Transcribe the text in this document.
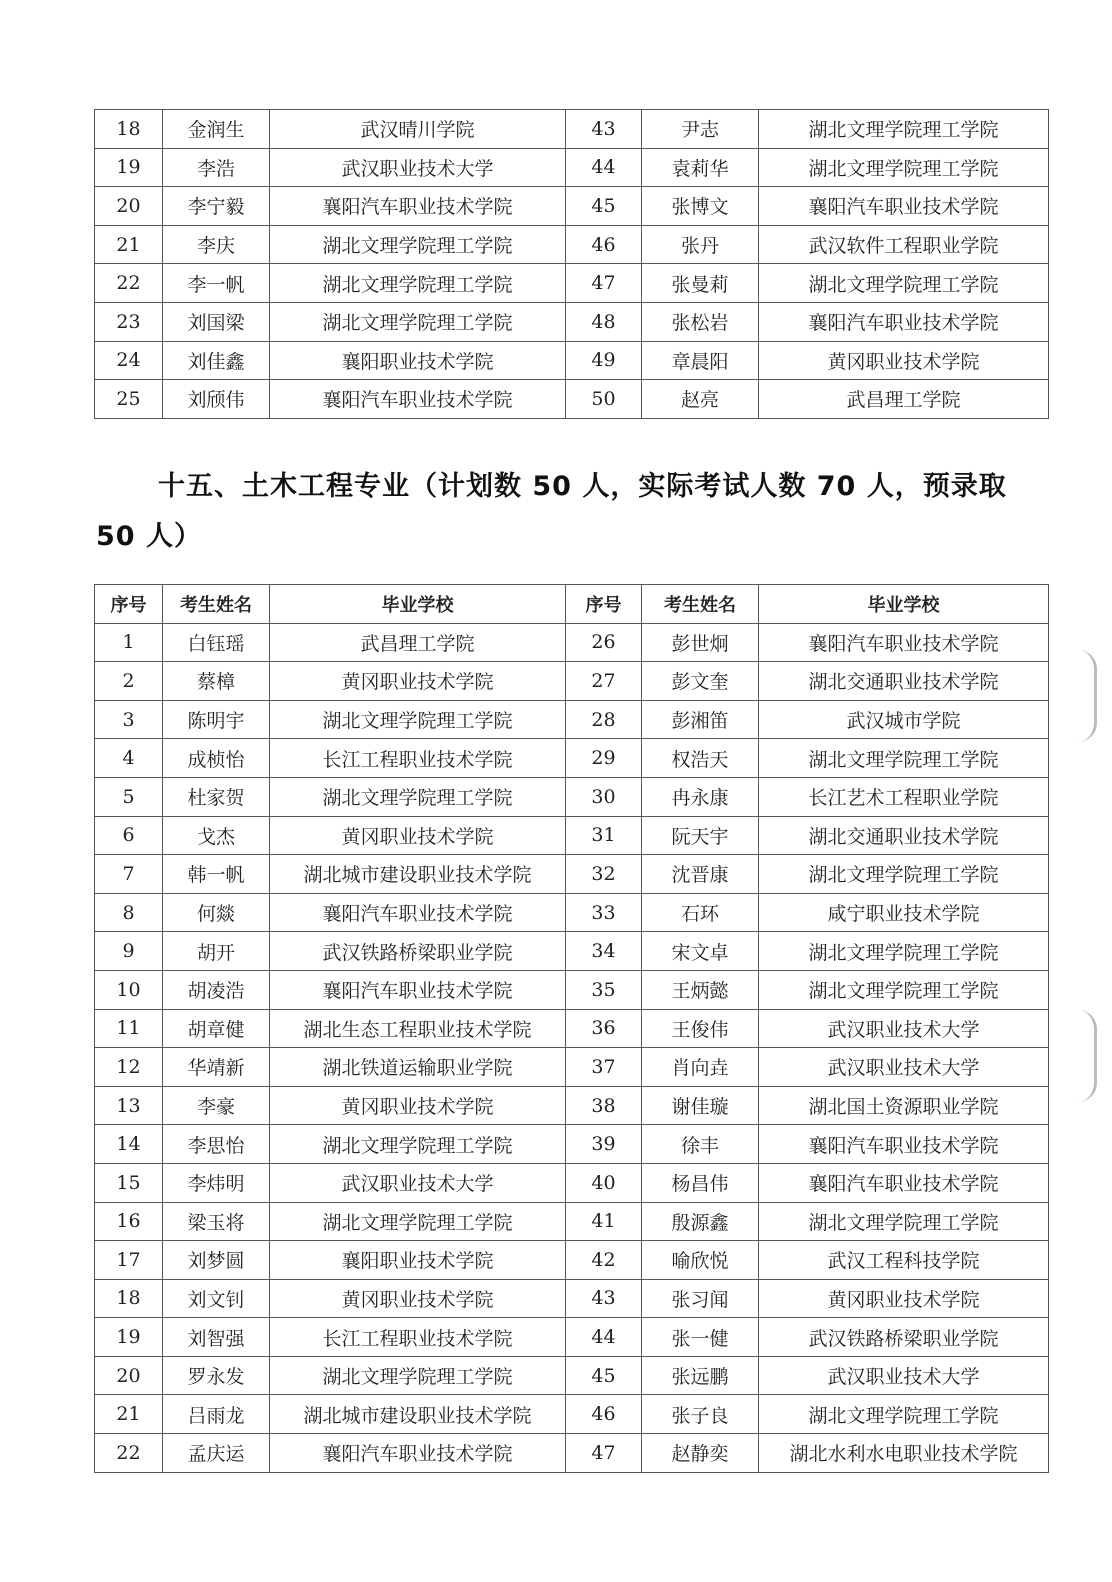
18	金润生	武汉晴川学院	43	尹志	湖北文理学院理工学院
19	李浩	武汉职业技术大学	44	袁莉华	湖北文理学院理工学院
20	李宁毅	襄阳汽车职业技术学院	45	张博文	襄阳汽车职业技术学院
21	李庆	湖北文理学院理工学院	46	张丹	武汉软件工程职业学院
22	李一帆	湖北文理学院理工学院	47	张曼莉	湖北文理学院理工学院
23	刘国梁	湖北文理学院理工学院	48	张松岩	襄阳汽车职业技术学院
24	刘佳鑫	襄阳职业技术学院	49	章晨阳	黄冈职业技术学院
25	刘颀伟	襄阳汽车职业技术学院	50	赵亮	武昌理工学院
十五、土木工程专业（计划数 50 人，实际考试人数 70 人，预录取 50 人）
序号	考生姓名	毕业学校	序号	考生姓名	毕业学校
1	白钰瑶	武昌理工学院	26	彭世炯	襄阳汽车职业技术学院
2	蔡樟	黄冈职业技术学院	27	彭文奎	湖北交通职业技术学院
3	陈明宇	湖北文理学院理工学院	28	彭湘笛	武汉城市学院
4	成桢怡	长江工程职业技术学院	29	权浩天	湖北文理学院理工学院
5	杜家贺	湖北文理学院理工学院	30	冉永康	长江艺术工程职业学院
6	戈杰	黄冈职业技术学院	31	阮天宇	湖北交通职业技术学院
7	韩一帆	湖北城市建设职业技术学院	32	沈晋康	湖北文理学院理工学院
8	何燚	襄阳汽车职业技术学院	33	石环	咸宁职业技术学院
9	胡开	武汉铁路桥梁职业学院	34	宋文卓	湖北文理学院理工学院
10	胡凌浩	襄阳汽车职业技术学院	35	王炳懿	湖北文理学院理工学院
11	胡章健	湖北生态工程职业技术学院	36	王俊伟	武汉职业技术大学
12	华靖新	湖北铁道运输职业学院	37	肖向垚	武汉职业技术大学
13	李豪	黄冈职业技术学院	38	谢佳璇	湖北国土资源职业学院
14	李思怡	湖北文理学院理工学院	39	徐丰	襄阳汽车职业技术学院
15	李炜明	武汉职业技术大学	40	杨昌伟	襄阳汽车职业技术学院
16	梁玉将	湖北文理学院理工学院	41	殷源鑫	湖北文理学院理工学院
17	刘梦圆	襄阳职业技术学院	42	喻欣悦	武汉工程科技学院
18	刘文钊	黄冈职业技术学院	43	张习闻	黄冈职业技术学院
19	刘智强	长江工程职业技术学院	44	张一健	武汉铁路桥梁职业学院
20	罗永发	湖北文理学院理工学院	45	张远鹏	武汉职业技术大学
21	吕雨龙	湖北城市建设职业技术学院	46	张子良	湖北文理学院理工学院
22	孟庆运	襄阳汽车职业技术学院	47	赵静奕	湖北水利水电职业技术学院
